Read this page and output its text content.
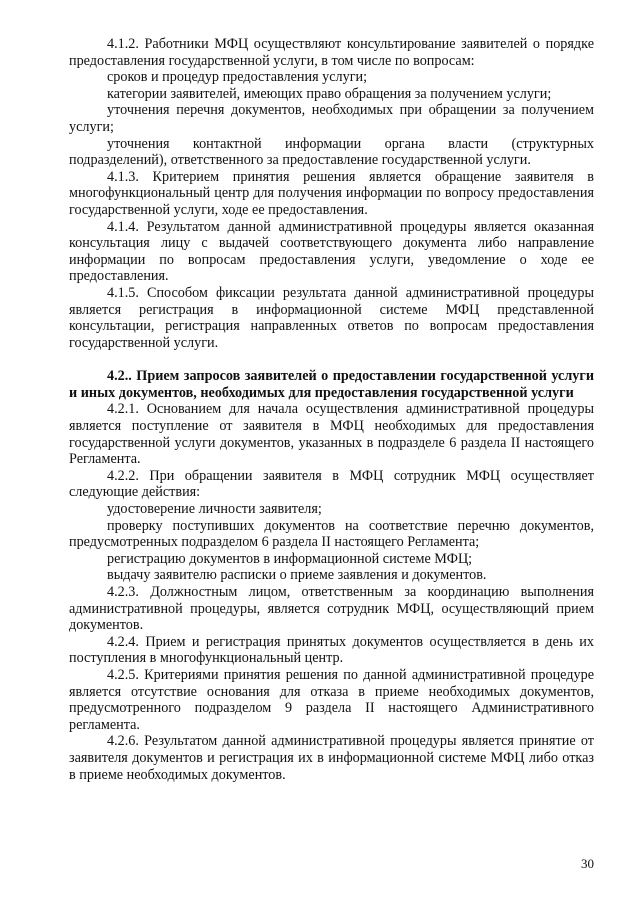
4.1.2. Работники МФЦ осуществляют консультирование заявителей о порядке предоставления государственной услуги, в том числе по вопросам:

сроков и процедур предоставления услуги;

категории заявителей, имеющих право обращения за получением услуги;

уточнения перечня документов, необходимых при обращении за получением услуги;

уточнения контактной информации органа власти (структурных подразделений), ответственного за предоставление государственной услуги.

4.1.3. Критерием принятия решения является обращение заявителя в многофункциональный центр для получения информации по вопросу предоставления государственной услуги, ходе ее предоставления.

4.1.4. Результатом данной административной процедуры является оказанная консультация лицу с выдачей соответствующего документа либо направление информации по вопросам предоставления услуги, уведомление о ходе ее предоставления.

4.1.5. Способом фиксации результата данной административной процедуры является регистрация в информационной системе МФЦ представленной консультации, регистрация направленных ответов по вопросам предоставления государственной услуги.

4.2.. Прием запросов заявителей о предоставлении государственной услуги и иных документов, необходимых для предоставления государственной услуги

4.2.1. Основанием для начала осуществления административной процедуры является поступление от заявителя в МФЦ необходимых для предоставления государственной услуги документов, указанных в подразделе 6 раздела II настоящего Регламента.

4.2.2. При обращении заявителя в МФЦ сотрудник МФЦ осуществляет следующие действия:

удостоверение личности заявителя;

проверку поступивших документов на соответствие перечню документов, предусмотренных подразделом 6 раздела II настоящего Регламента;

регистрацию документов в информационной системе МФЦ;

выдачу заявителю расписки о приеме заявления и документов.

4.2.3. Должностным лицом, ответственным за координацию выполнения административной процедуры, является сотрудник МФЦ, осуществляющий прием документов.

4.2.4. Прием и регистрация принятых документов осуществляется в день их поступления в многофункциональный центр.

4.2.5. Критериями принятия решения по данной административной процедуре является отсутствие основания для отказа в приеме необходимых документов, предусмотренного подразделом 9 раздела II настоящего Административного регламента.

4.2.6. Результатом данной административной процедуры является принятие от заявителя документов и регистрация их в информационной системе МФЦ либо отказ в приеме необходимых документов.

30
